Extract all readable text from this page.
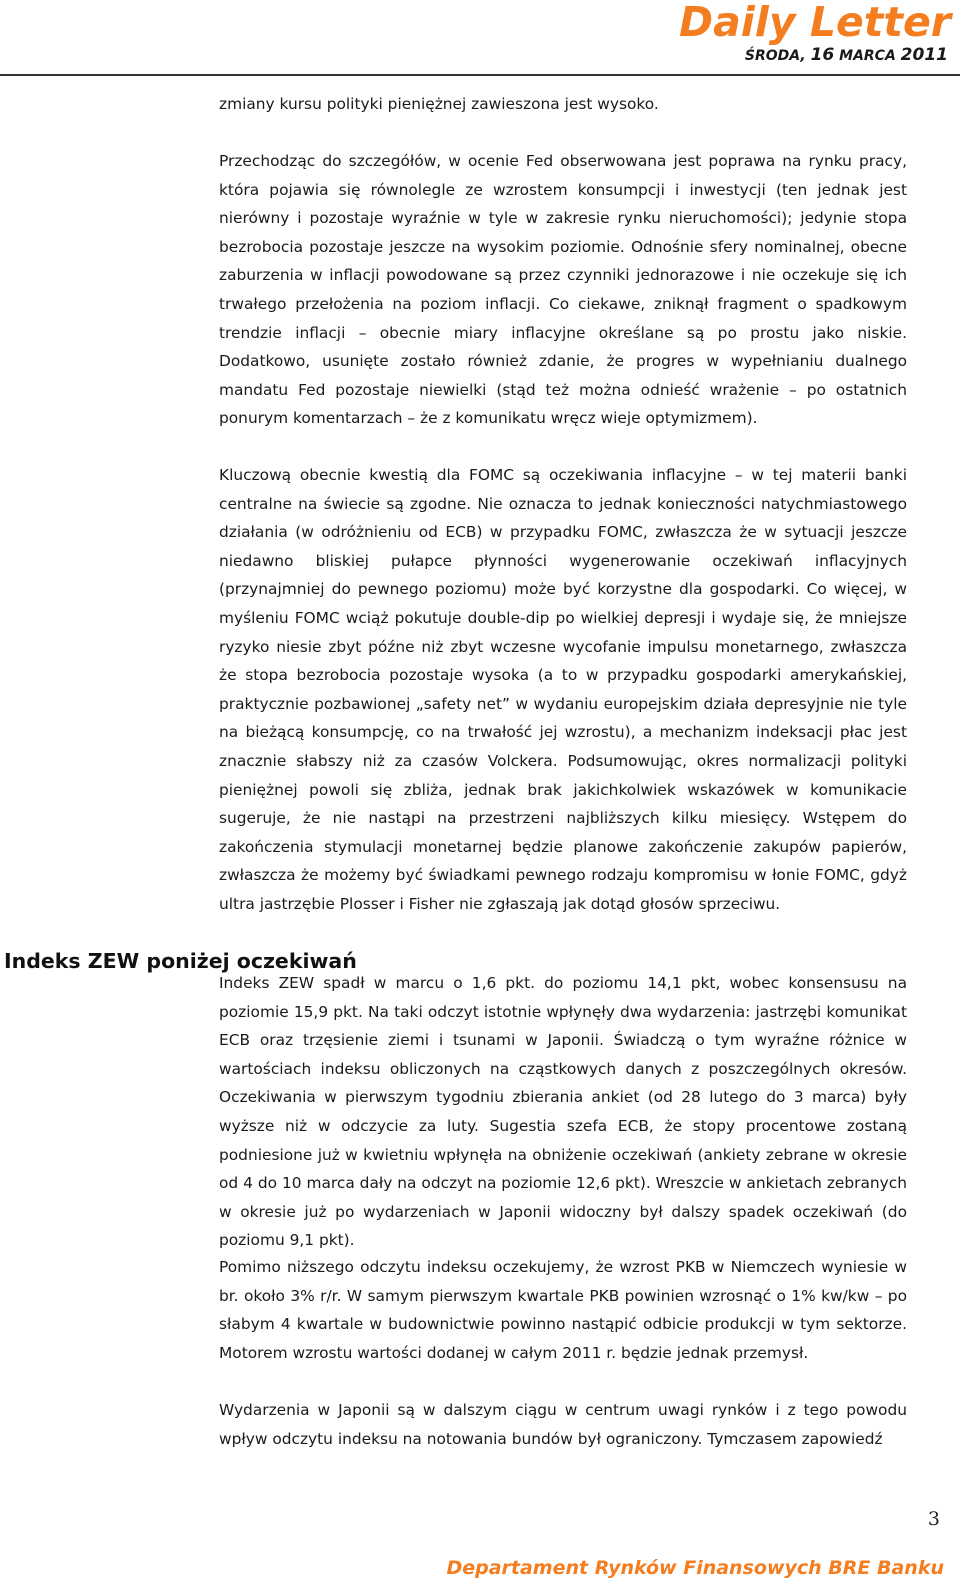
Daily Letter
ŚRODA, 16 MARCA 2011

zmiany kursu polityki pieniężnej zawieszona jest wysoko.

Przechodząc do szczegółów, w ocenie Fed obserwowana jest poprawa na rynku pracy, która pojawia się równolegle ze wzrostem konsumpcji i inwestycji (ten jednak jest nierówny i pozostaje wyraźnie w tyle w zakresie rynku nieruchomości); jedynie stopa bezrobocia pozostaje jeszcze na wysokim poziomie. Odnośnie sfery nominalnej, obecne zaburzenia w inflacji powodowane są przez czynniki jednorazowe i nie oczekuje się ich trwałego przełożenia na poziom inflacji. Co ciekawe, zniknął fragment o spadkowym trendzie inflacji – obecnie miary inflacyjne określane są po prostu jako niskie. Dodatkowo, usunięte zostało również zdanie, że progres w wypełnianiu dualnego mandatu Fed pozostaje niewielki (stąd też można odnieść wrażenie – po ostatnich ponurym komentarzach – że z komunikatu wręcz wieje optymizmem).

Kluczową obecnie kwestią dla FOMC są oczekiwania inflacyjne – w tej materii banki centralne na świecie są zgodne. Nie oznacza to jednak konieczności natychmiastowego działania (w odróżnieniu od ECB) w przypadku FOMC, zwłaszcza że w sytuacji jeszcze niedawno bliskiej pułapce płynności wygenerowanie oczekiwań inflacyjnych (przynajmniej do pewnego poziomu) może być korzystne dla gospodarki. Co więcej, w myśleniu FOMC wciąż pokutuje double-dip po wielkiej depresji i wydaje się, że mniejsze ryzyko niesie zbyt późne niż zbyt wczesne wycofanie impulsu monetarnego, zwłaszcza że stopa bezrobocia pozostaje wysoka (a to w przypadku gospodarki amerykańskiej, praktycznie pozbawionej „safety net” w wydaniu europejskim działa depresyjnie nie tyle na bieżącą konsumpcję, co na trwałość jej wzrostu), a mechanizm indeksacji płac jest znacznie słabszy niż za czasów Volckera. Podsumowując, okres normalizacji polityki pieniężnej powoli się zbliża, jednak brak jakichkolwiek wskazówek w komunikacie sugeruje, że nie nastąpi na przestrzeni najbliższych kilku miesięcy. Wstępem do zakończenia stymulacji monetarnej będzie planowe zakończenie zakupów papierów, zwłaszcza że możemy być świadkami pewnego rodzaju kompromisu w łonie FOMC, gdyż ultra jastrzębie Plosser i Fisher nie zgłaszają jak dotąd głosów sprzeciwu.

Indeks ZEW poniżej oczekiwań

Indeks ZEW spadł w marcu o 1,6 pkt. do poziomu 14,1 pkt, wobec konsensusu na poziomie 15,9 pkt. Na taki odczyt istotnie wpłynęły dwa wydarzenia: jastrzębi komunikat ECB oraz trzęsienie ziemi i tsunami w Japonii. Świadczą o tym wyraźne różnice w wartościach indeksu obliczonych na cząstkowych danych z poszczególnych okresów. Oczekiwania w pierwszym tygodniu zbierania ankiet (od 28 lutego do 3 marca) były wyższe niż w odczycie za luty. Sugestia szefa ECB, że stopy procentowe zostaną podniesione już w kwietniu wpłynęła na obniżenie oczekiwań (ankiety zebrane w okresie od 4 do 10 marca dały na odczyt na poziomie 12,6 pkt). Wreszcie w ankietach zebranych w okresie już po wydarzeniach w Japonii widoczny był dalszy spadek oczekiwań (do poziomu 9,1 pkt).

Pomimo niższego odczytu indeksu oczekujemy, że wzrost PKB w Niemczech wyniesie w br. około 3% r/r. W samym pierwszym kwartale PKB powinien wzrosnąć o 1% kw/kw – po słabym 4 kwartale w budownictwie powinno nastąpić odbicie produkcji w tym sektorze. Motorem wzrostu wartości dodanej w całym 2011 r. będzie jednak przemysł.

Wydarzenia w Japonii są w dalszym ciągu w centrum uwagi rynków i z tego powodu wpływ odczytu indeksu na notowania bundów był ograniczony. Tymczasem zapowiedź

3
Departament Rynków Finansowych BRE Banku
